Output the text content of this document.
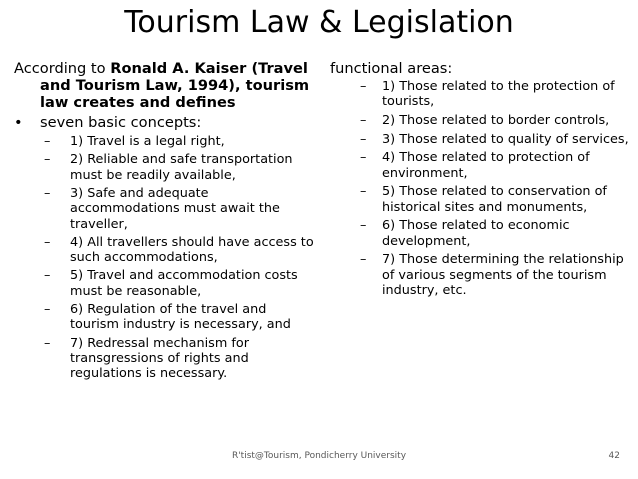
Tourism Law & Legislation

According to Ronald A. Kaiser (Travel and Tourism Law, 1994), tourism law creates and defines

• seven basic concepts:
– 1) Travel is a legal right,
– 2) Reliable and safe transportation must be readily available,
– 3) Safe and adequate accommodations must await the traveller,
– 4) All travellers should have access to such accommodations,
– 5) Travel and accommodation costs must be reasonable,
– 6) Regulation of the travel and tourism industry is necessary, and
– 7) Redressal mechanism for transgressions of rights and regulations is necessary.

functional areas:

– 1) Those related to the protection of tourists,
– 2) Those related to border controls,
– 3) Those related to quality of services,
– 4) Those related to protection of environment,
– 5) Those related to conservation of historical sites and monuments,
– 6) Those related to economic development,
– 7) Those determining the relationship of various segments of the tourism industry, etc.
R'tist@Tourism, Pondicherry University	42
